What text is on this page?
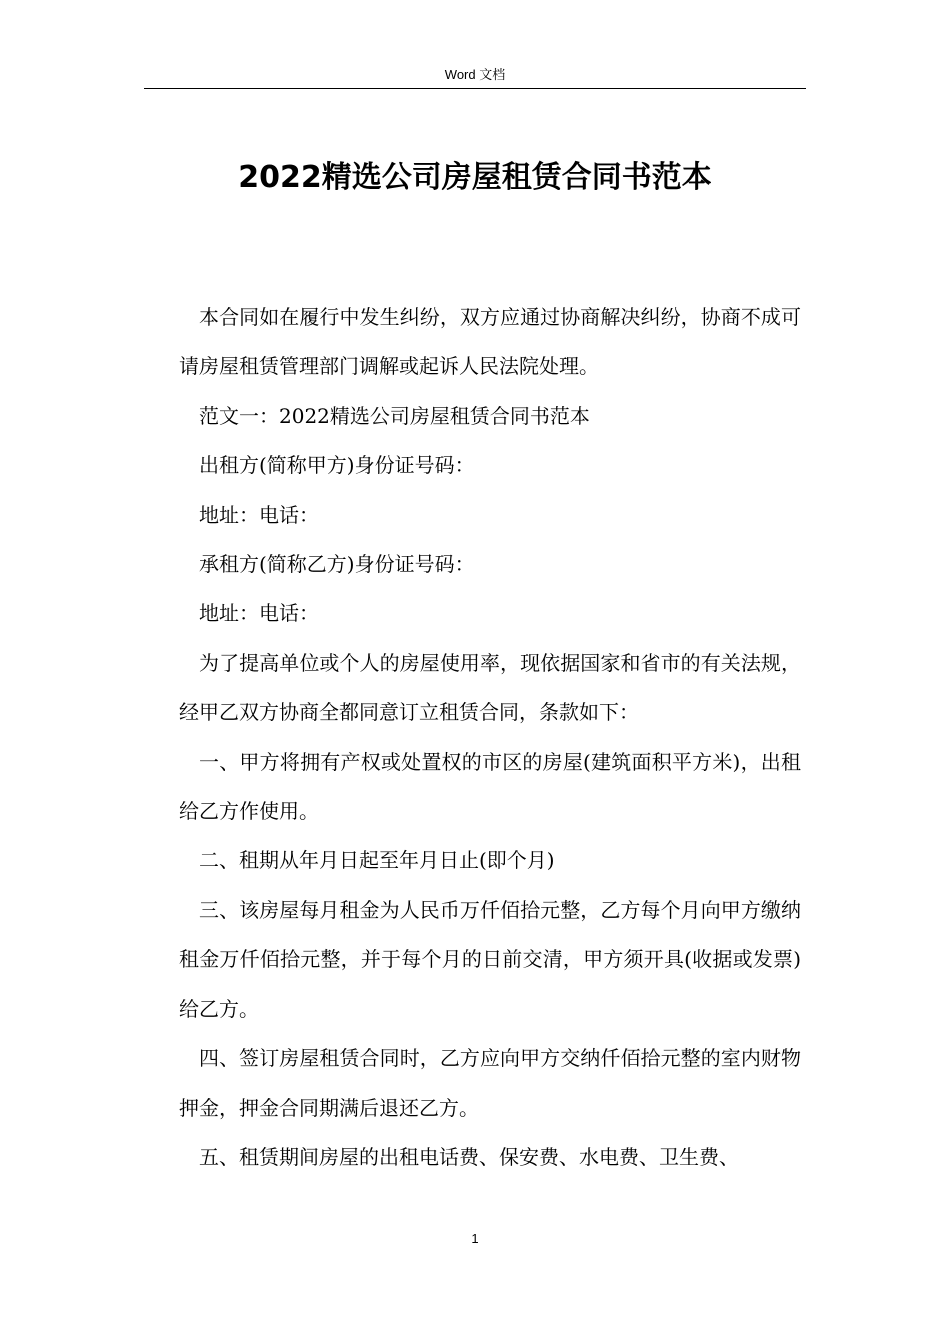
Word 文档
2022精选公司房屋租赁合同书范本

本合同如在履行中发生纠纷，双方应通过协商解决纠纷，协商不成可请房屋租赁管理部门调解或起诉人民法院处理。

范文一：2022精选公司房屋租赁合同书范本

出租方(简称甲方)身份证号码：

地址：电话：

承租方(简称乙方)身份证号码：

地址：电话：

为了提高单位或个人的房屋使用率，现依据国家和省市的有关法规，经甲乙双方协商全都同意订立租赁合同，条款如下：

一、甲方将拥有产权或处置权的市区的房屋(建筑面积平方米)，出租给乙方作使用。

二、租期从年月日起至年月日止(即个月)

三、该房屋每月租金为人民币万仟佰拾元整，乙方每个月向甲方缴纳租金万仟佰拾元整，并于每个月的日前交清，甲方须开具(收据或发票)给乙方。

四、签订房屋租赁合同时，乙方应向甲方交纳仟佰拾元整的室内财物押金，押金合同期满后退还乙方。

五、租赁期间房屋的出租电话费、保安费、水电费、卫生费、

1
